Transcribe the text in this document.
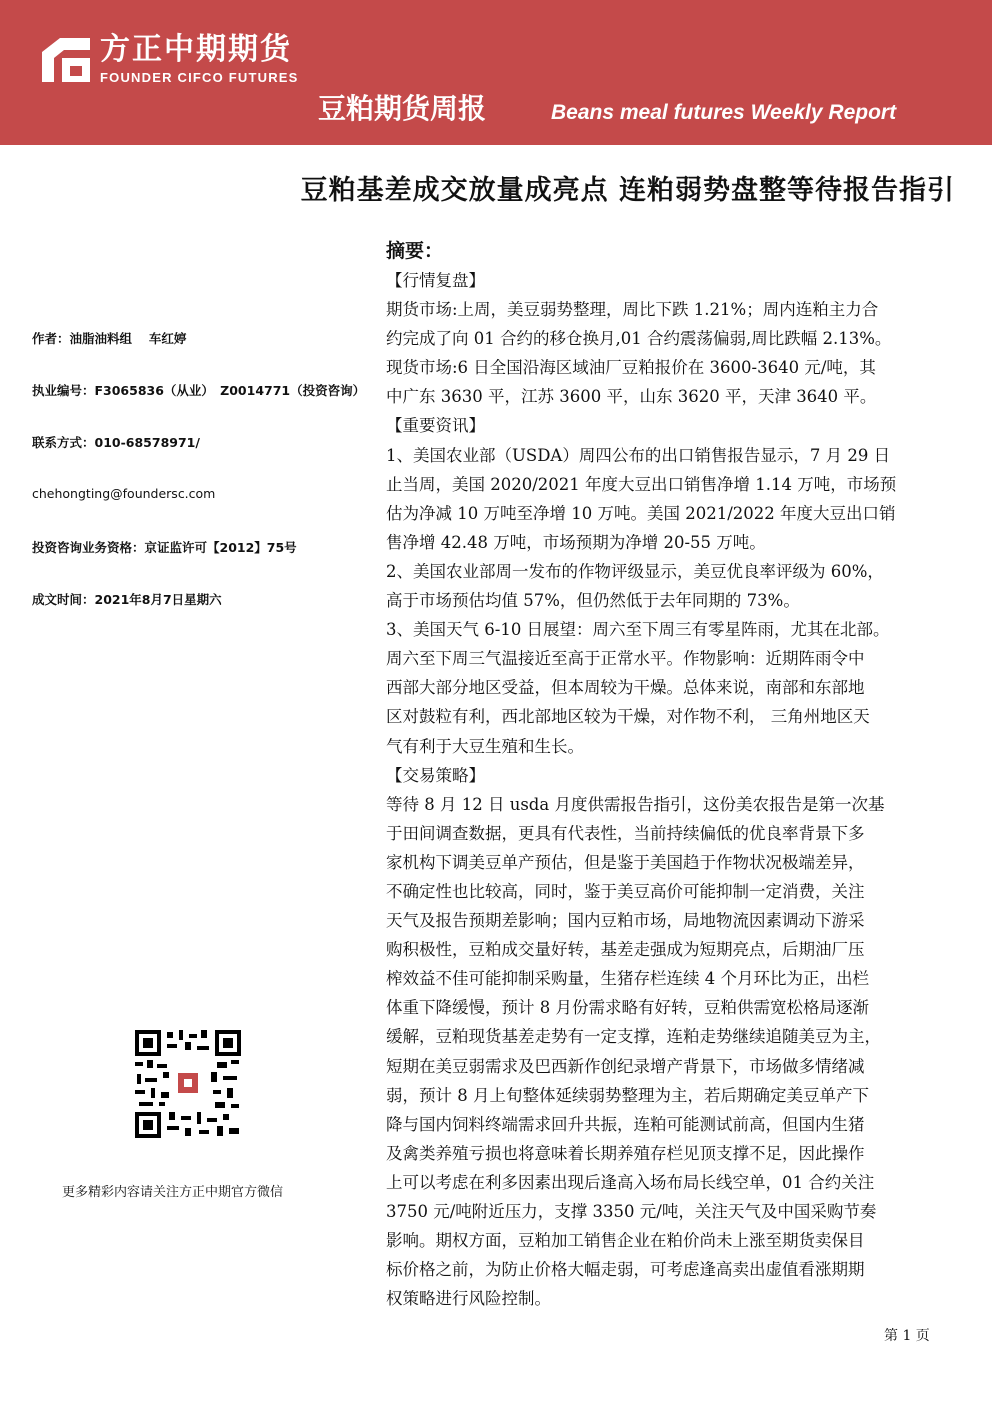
方正中期期货
FOUNDER CIFCO FUTURES
豆粕期货周报	Beans meal futures Weekly Report
豆粕基差成交放量成亮点 连粕弱势盘整等待报告指引
作者：油脂油料组　 车红婷
执业编号：F3065836（从业）　Z0014771（投资咨询）
联系方式：010-68578971/
chehongting@foundersc.com
投资咨询业务资格：京证监许可【2012】75号
成文时间：2021年8月7日星期六
更多精彩内容请关注方正中期官方微信
摘要：
【行情复盘】
期货市场:上周，美豆弱势整理，周比下跌 1.21%；周内连粕主力合
约完成了向 01 合约的移仓换月,01 合约震荡偏弱,周比跌幅 2.13%。
现货市场:6 日全国沿海区域油厂豆粕报价在 3600-3640 元/吨，其
中广东 3630 平，江苏 3600 平，山东 3620 平，天津 3640 平。
【重要资讯】
1、美国农业部（USDA）周四公布的出口销售报告显示，7 月 29 日
止当周，美国 2020/2021 年度大豆出口销售净增 1.14 万吨，市场预
估为净减 10 万吨至净增 10 万吨。美国 2021/2022 年度大豆出口销
售净增 42.48 万吨，市场预期为净增 20-55 万吨。
2、美国农业部周一发布的作物评级显示，美豆优良率评级为 60%，
高于市场预估均值 57%，但仍然低于去年同期的 73%。
3、美国天气 6-10 日展望：周六至下周三有零星阵雨，尤其在北部。
周六至下周三气温接近至高于正常水平。作物影响：近期阵雨令中
西部大部分地区受益，但本周较为干燥。总体来说，南部和东部地
区对鼓粒有利，西北部地区较为干燥，对作物不利， 三角州地区天
气有利于大豆生殖和生长。
【交易策略】
等待 8 月 12 日 usda 月度供需报告指引，这份美农报告是第一次基
于田间调查数据，更具有代表性，当前持续偏低的优良率背景下多
家机构下调美豆单产预估，但是鉴于美国趋于作物状况极端差异，
不确定性也比较高，同时，鉴于美豆高价可能抑制一定消费，关注
天气及报告预期差影响；国内豆粕市场，局地物流因素调动下游采
购积极性，豆粕成交量好转，基差走强成为短期亮点，后期油厂压
榨效益不佳可能抑制采购量，生猪存栏连续 4 个月环比为正，出栏
体重下降缓慢，预计 8 月份需求略有好转，豆粕供需宽松格局逐渐
缓解，豆粕现货基差走势有一定支撑，连粕走势继续追随美豆为主，
短期在美豆弱需求及巴西新作创纪录增产背景下，市场做多情绪减
弱，预计 8 月上旬整体延续弱势整理为主，若后期确定美豆单产下
降与国内饲料终端需求回升共振，连粕可能测试前高，但国内生猪
及禽类养殖亏损也将意味着长期养殖存栏见顶支撑不足，因此操作
上可以考虑在利多因素出现后逢高入场布局长线空单，01 合约关注
3750 元/吨附近压力，支撑 3350 元/吨，关注天气及中国采购节奏
影响。期权方面，豆粕加工销售企业在粕价尚未上涨至期货卖保目
标价格之前，为防止价格大幅走弱，可考虑逢高卖出虚值看涨期期
权策略进行风险控制。
第 1 页
